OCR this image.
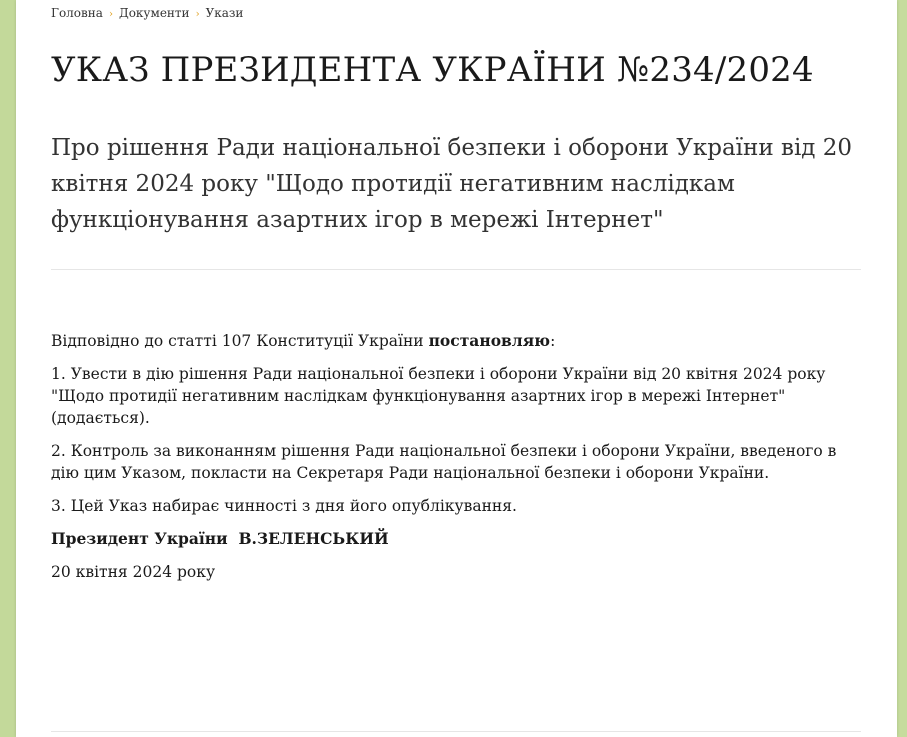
Головна › Документи › Укази
УКАЗ ПРЕЗИДЕНТА УКРАЇНИ №234/2024

Про рішення Ради національної безпеки і оборони України від 20 квітня 2024 року "Щодо протидії негативним наслідкам функціонування азартних ігор в мережі Інтернет"

Відповідно до статті 107 Конституції України постановляю:

1. Увести в дію рішення Ради національної безпеки і оборони України від 20 квітня 2024 року "Щодо протидії негативним наслідкам функціонування азартних ігор в мережі Інтернет" (додається).

2. Контроль за виконанням рішення Ради національної безпеки і оборони України, введеного в дію цим Указом, покласти на Секретаря Ради національної безпеки і оборони України.

3. Цей Указ набирає чинності з дня його опублікування.

Президент України  В.ЗЕЛЕНСЬКИЙ

20 квітня 2024 року
